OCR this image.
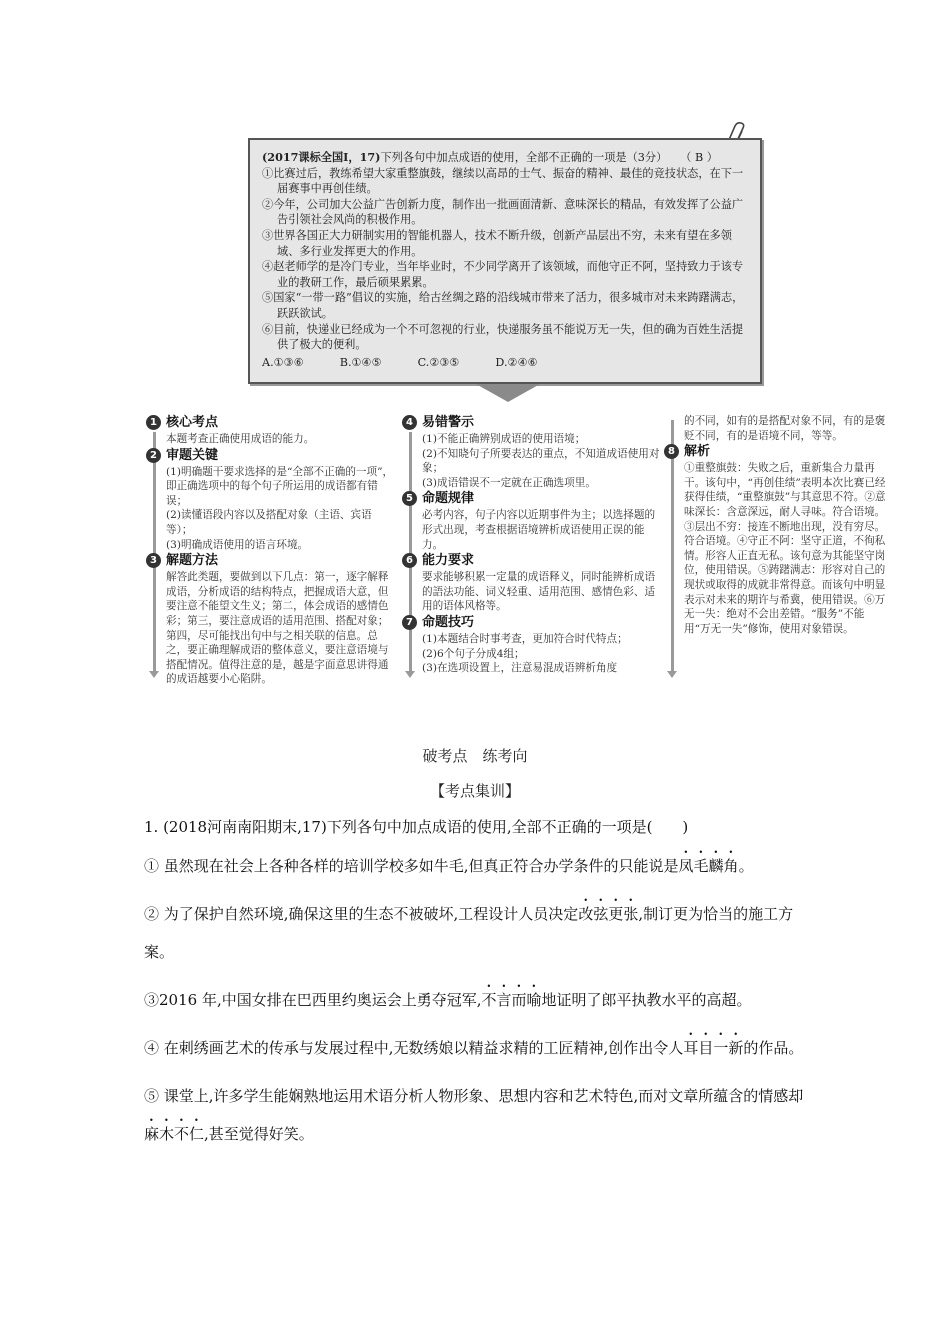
(2017课标全国Ⅰ，17)下列各句中加点成语的使用，全部不正确的一项是（3分） （ B ）

①比赛过后，教练希望大家重整旗鼓，继续以高昂的士气、振奋的精神、最佳的竞技状态，在下一届赛事中再创佳绩。

②今年，公司加大公益广告创新力度，制作出一批画面清新、意味深长的精品，有效发挥了公益广告引领社会风尚的积极作用。

③世界各国正大力研制实用的智能机器人，技术不断升级，创新产品层出不穷，未来有望在多领域、多行业发挥更大的作用。

④赵老师学的是冷门专业，当年毕业时，不少同学离开了该领域，而他守正不阿，坚持致力于该专业的教研工作，最后硕果累累。

⑤国家“一带一路”倡议的实施，给古丝绸之路的沿线城市带来了活力，很多城市对未来踌躇满志，跃跃欲试。

⑥目前，快递业已经成为一个不可忽视的行业，快递服务虽不能说万无一失，但的确为百姓生活提供了极大的便利。

A.①③⑥	B.①④⑤	C.②③⑤	D.②④⑥
1 核心考点

本题考查正确使用成语的能力。

2 审题关键

(1)明确题干要求选择的是“全部不正确的一项”，即正确选项中的每个句子所运用的成语都有错误；

(2)读懂语段内容以及搭配对象（主语、宾语等）；

(3)明确成语使用的语言环境。

3 解题方法

解答此类题，要做到以下几点：第一，逐字解释成语，分析成语的结构特点，把握成语大意，但要注意不能望文生义；第二，体会成语的感情色彩；第三，要注意成语的适用范围、搭配对象；第四，尽可能找出句中与之相关联的信息。总之，要正确理解成语的整体意义，要注意语境与搭配情况。值得注意的是，越是字面意思讲得通的成语越要小心陷阱。

4 易错警示

(1)不能正确辨别成语的使用语境；

(2)不知晓句子所要表达的重点，不知道成语使用对象；

(3)成语错误不一定就在正确选项里。

5 命题规律

必考内容，句子内容以近期事件为主；以选择题的形式出现，考查根据语境辨析成语使用正误的能力。

6 能力要求

要求能够积累一定量的成语释义，同时能辨析成语的語法功能、词义轻重、适用范围、感情色彩、适用的语体风格等。

7 命题技巧

(1)本题结合时事考查，更加符合时代特点；

(2)6个句子分成4组；

(3)在选项设置上，注意易混成语辨析角度

的不同，如有的是搭配对象不同，有的是褒贬不同，有的是语境不同，等等。

8 解析

①重整旗鼓：失败之后，重新集合力量再干。该句中，“再创佳绩”表明本次比赛已经获得佳绩，“重整旗鼓”与其意思不符。②意味深长：含意深远，耐人寻味。符合语境。③层出不穷：接连不断地出现，没有穷尽。符合语境。④守正不阿：坚守正道，不徇私情。形容人正直无私。该句意为其能坚守岗位，使用错误。⑤踌躇满志：形容对自己的现状或取得的成就非常得意。而该句中明显表示对未来的期许与希冀，使用错误。⑥万无一失：绝对不会出差错。“服务”不能用“万无一失”修饰，使用对象错误。

破考点　练考向
【考点集训】

1. (2018河南南阳期末,17)下列各句中加点成语的使用,全部不正确的一项是(　　)

① 虽然现在社会上各种各样的培训学校多如牛毛,但真正符合办学条件的只能说是凤毛麟角。

② 为了保护自然环境,确保这里的生态不被破坏,工程设计人员决定改弦更张,制订更为恰当的施工方案。

③2016 年,中国女排在巴西里约奥运会上勇夺冠军,不言而喻地证明了郎平执教水平的高超。

④ 在刺绣画艺术的传承与发展过程中,无数绣娘以精益求精的工匠精神,创作出令人耳目一新的作品。

⑤ 课堂上,许多学生能娴熟地运用术语分析人物形象、思想内容和艺术特色,而对文章所蕴含的情感却麻木不仁,甚至觉得好笑。
